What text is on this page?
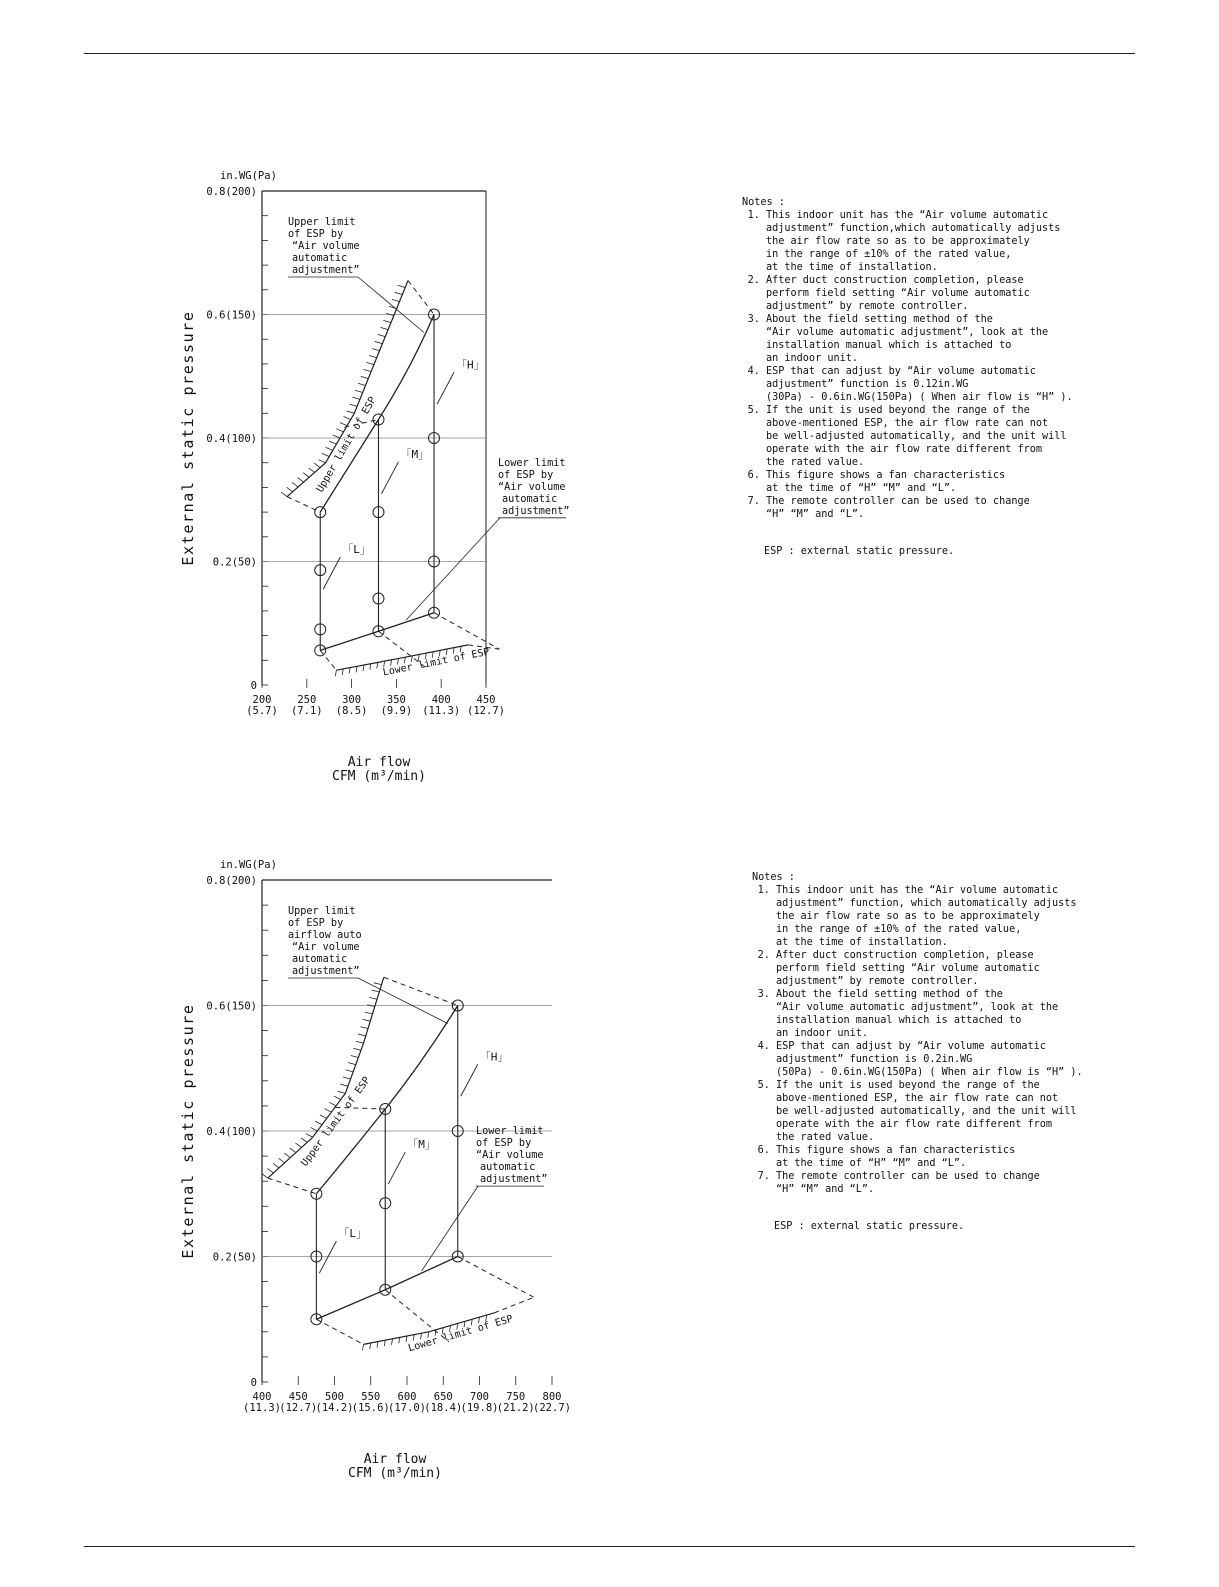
0
0.2(50)
0.4(100)
0.6(150)
0.8(200)
200
(5.7)
250
(7.1)
300
(8.5)
350
(9.9)
400
(11.3)
450
(12.7)
in.WG(Pa)
External static pressure
Air flow
CFM (m³/min)
Upper limit of ESP
Lower limit of ESP
「L」
「M」
「H」
Upper limit
of ESP by
“Air volume
automatic
adjustment”
Lower limit
of ESP by
“Air volume
automatic
adjustment”
0
0.2(50)
0.4(100)
0.6(150)
0.8(200)
400
(11.3)
450
(12.7)
500
(14.2)
550
(15.6)
600
(17.0)
650
(18.4)
700
(19.8)
750
(21.2)
800
(22.7)
in.WG(Pa)
External static pressure
Air flow
CFM (m³/min)
Upper limit of ESP
Lower limit of ESP
「L」
「M」
「H」
Upper limit
of ESP by
airflow auto
“Air volume
automatic
adjustment”
Lower limit
of ESP by
“Air volume
automatic
adjustment”
Notes :
1. This indoor unit has the “Air volume automatic
adjustment” function,which automatically adjusts
the air flow rate so as to be approximately
in the range of ±10% of the rated value,
at the time of installation.
2. After duct construction completion, please
perform field setting “Air volume automatic
adjustment” by remote controller.
3. About the field setting method of the
“Air volume automatic adjustment”, look at the
installation manual which is attached to
an indoor unit.
4. ESP that can adjust by “Air volume automatic
adjustment” function is 0.12in.WG
(30Pa) - 0.6in.WG(150Pa) ( When air flow is “H” ).
5. If the unit is used beyond the range of the
above-mentioned ESP, the air flow rate can not
be well-adjusted automatically, and the unit will
operate with the air flow rate different from
the rated value.
6. This figure shows a fan characteristics
at the time of “H” “M” and “L”.
7. The remote controller can be used to change
“H” “M” and “L”.
ESP : external static pressure.
Notes :
1. This indoor unit has the “Air volume automatic
adjustment” function, which automatically adjusts
the air flow rate so as to be approximately
in the range of ±10% of the rated value,
at the time of installation.
2. After duct construction completion, please
perform field setting “Air volume automatic
adjustment” by remote controller.
3. About the field setting method of the
“Air volume automatic adjustment”, look at the
installation manual which is attached to
an indoor unit.
4. ESP that can adjust by “Air volume automatic
adjustment” function is 0.2in.WG
(50Pa) - 0.6in.WG(150Pa) ( When air flow is “H” ).
5. If the unit is used beyond the range of the
above-mentioned ESP, the air flow rate can not
be well-adjusted automatically, and the unit will
operate with the air flow rate different from
the rated value.
6. This figure shows a fan characteristics
at the time of “H” “M” and “L”.
7. The remote controller can be used to change
“H” “M” and “L”.
ESP : external static pressure.
